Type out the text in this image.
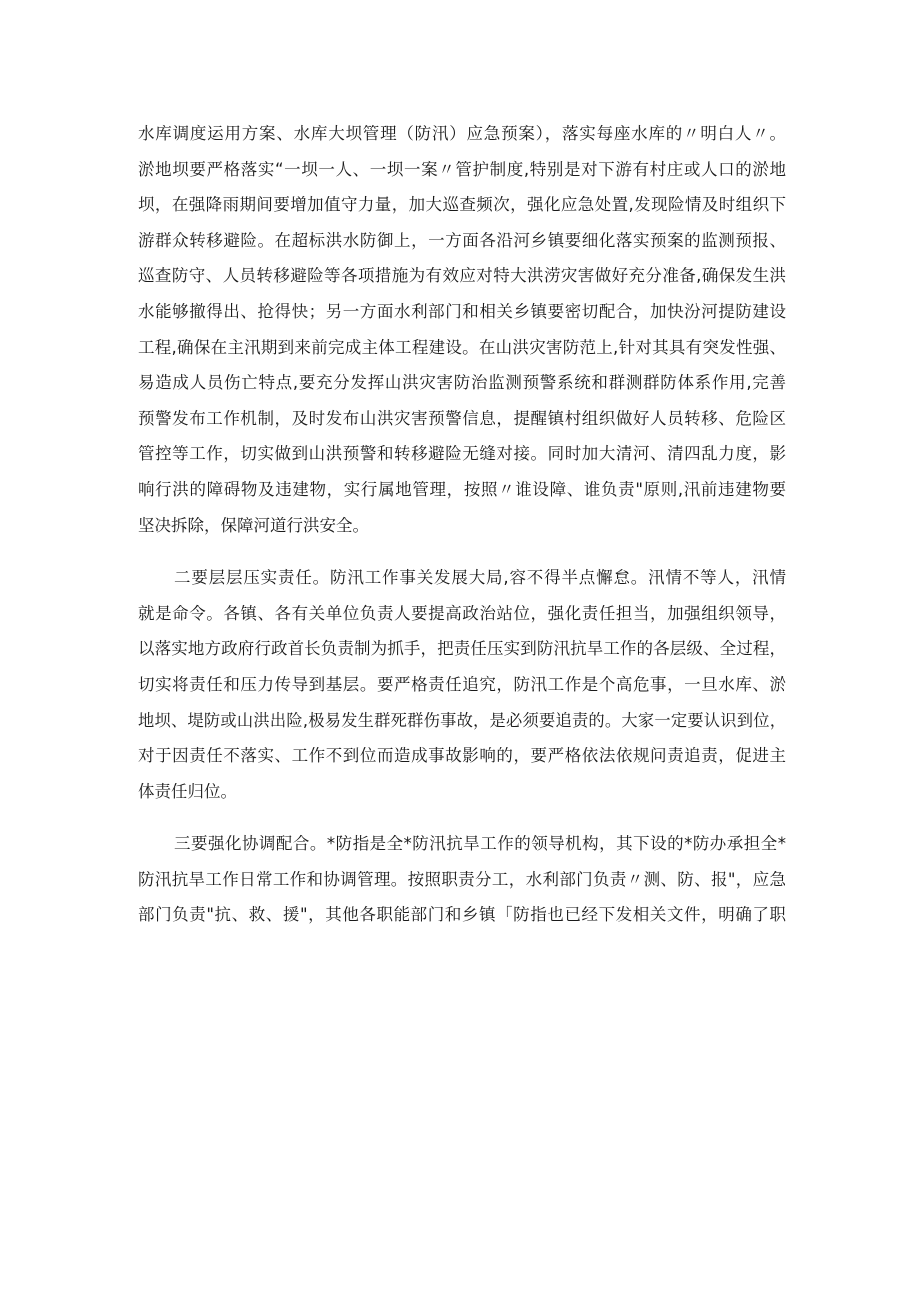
水库调度运用方案、水库大坝管理（防汛）应急预案），落实每座水库的〃明白人〃。
淤地坝要严格落实“一坝一人、一坝一案〃管护制度,特别是对下游有村庄或人口的淤地
坝，在强降雨期间要增加值守力量，加大巡查频次，强化应急处置,发现险情及时组织下
游群众转移避险。在超标洪水防御上，一方面各沿河乡镇要细化落实预案的监测预报、
巡查防守、人员转移避险等各项措施为有效应对特大洪涝灾害做好充分准备,确保发生洪
水能够撤得出、抢得快；另一方面水利部门和相关乡镇要密切配合，加快汾河提防建设
工程,确保在主汛期到来前完成主体工程建设。在山洪灾害防范上,针对其具有突发性强、
易造成人员伤亡特点,要充分发挥山洪灾害防治监测预警系统和群测群防体系作用,完善
预警发布工作机制，及时发布山洪灾害预警信息，提醒镇村组织做好人员转移、危险区
管控等工作，切实做到山洪预警和转移避险无缝对接。同时加大清河、清四乱力度，影
响行洪的障碍物及违建物，实行属地管理，按照〃谁设障、谁负责"原则,汛前违建物要
坚决拆除，保障河道行洪安全。
二要层层压实责任。防汛工作事关发展大局,容不得半点懈怠。汛情不等人，汛情
就是命令。各镇、各有关单位负责人要提高政治站位，强化责任担当，加强组织领导，
以落实地方政府行政首长负责制为抓手，把责任压实到防汛抗旱工作的各层级、全过程，
切实将责任和压力传导到基层。要严格责任追究，防汛工作是个高危事，一旦水库、淤
地坝、堤防或山洪出险,极易发生群死群伤事故，是必须要追责的。大家一定要认识到位，
对于因责任不落实、工作不到位而造成事故影响的，要严格依法依规问责追责，促进主
体责任归位。
三要强化协调配合。*防指是全*防汛抗旱工作的领导机构，其下设的*防办承担全*
防汛抗旱工作日常工作和协调管理。按照职责分工，水利部门负责〃测、防、报"，应急
部门负责"抗、救、援"，其他各职能部门和乡镇「防指也已经下发相关文件，明确了职
